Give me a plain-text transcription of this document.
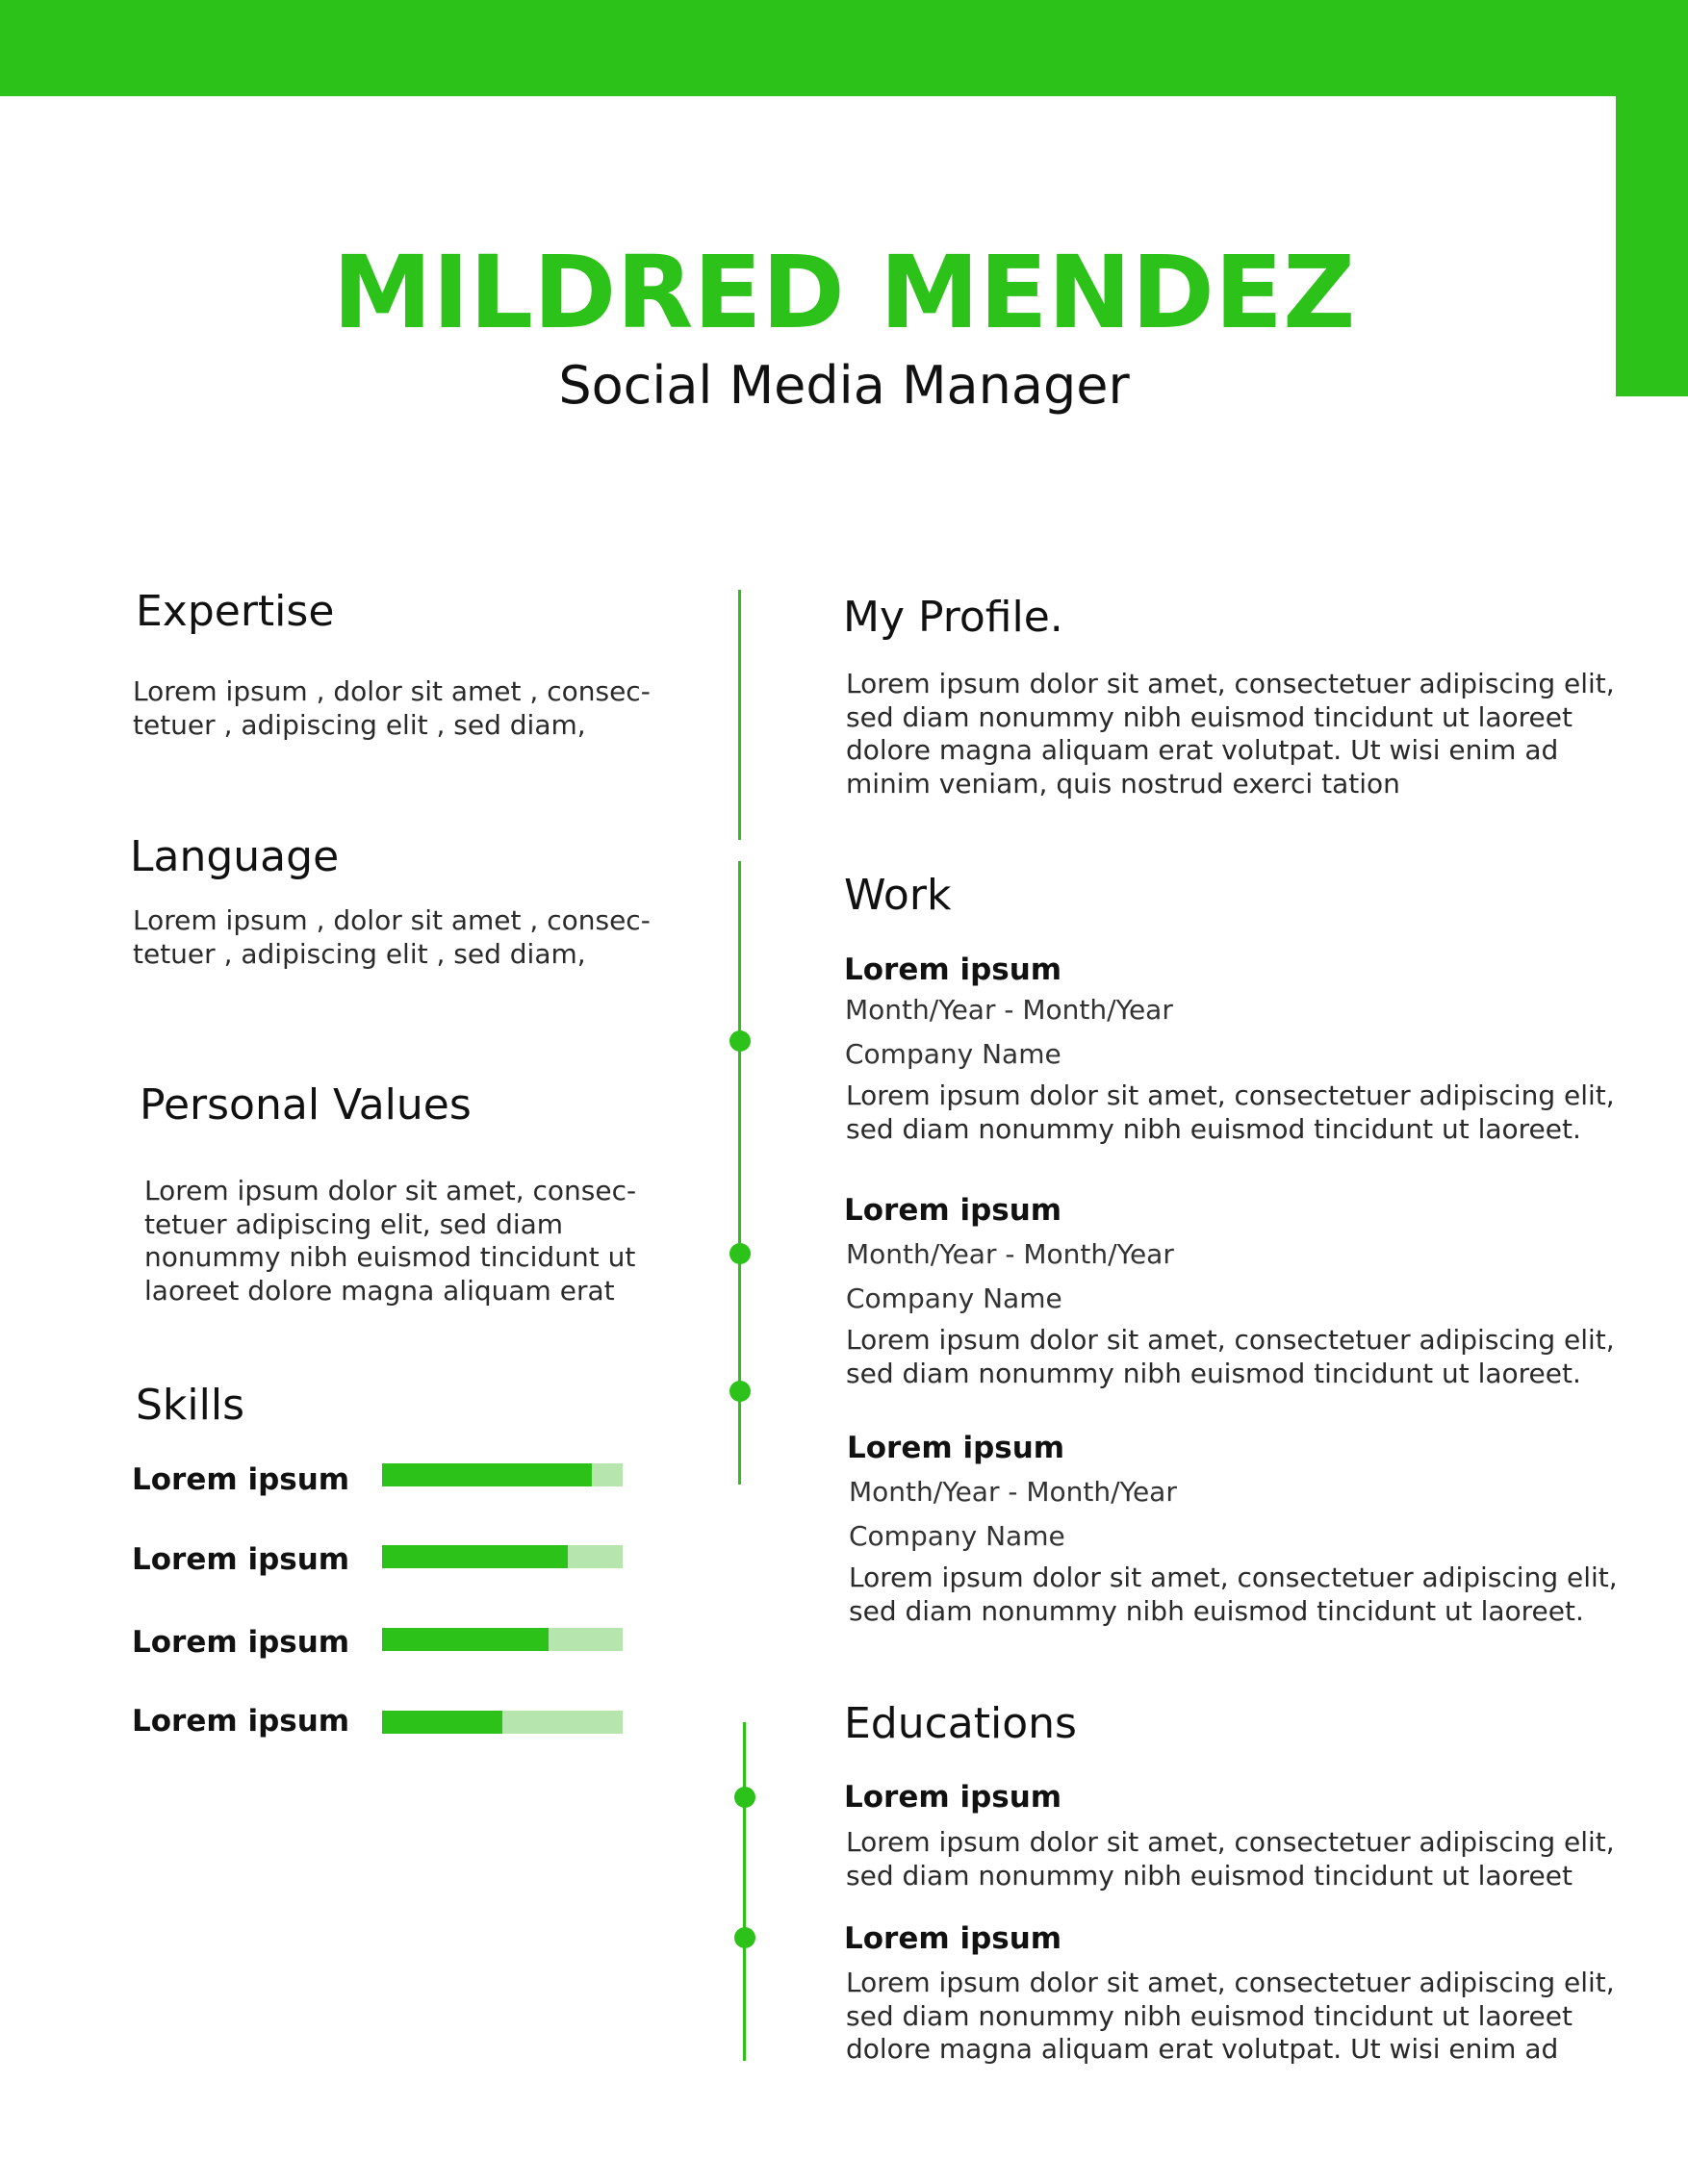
MILDRED MENDEZ
Social Media Manager
Expertise
Lorem ipsum , dolor sit amet , consec-
tetuer , adipiscing elit , sed diam,
Language
Lorem ipsum , dolor sit amet , consec-
tetuer , adipiscing elit , sed diam,
Personal Values
Lorem ipsum dolor sit amet, consec-
tetuer adipiscing elit, sed diam
nonummy nibh euismod tincidunt ut
laoreet dolore magna aliquam erat
Skills
Lorem ipsum
Lorem ipsum
Lorem ipsum
Lorem ipsum
My Profile.
Lorem ipsum dolor sit amet, consectetuer adipiscing elit,
sed diam nonummy nibh euismod tincidunt ut laoreet
dolore magna aliquam erat volutpat. Ut wisi enim ad
minim veniam, quis nostrud exerci tation
Work
Lorem ipsum
Month/Year - Month/Year
Company Name
Lorem ipsum dolor sit amet, consectetuer adipiscing elit,
sed diam nonummy nibh euismod tincidunt ut laoreet.
Lorem ipsum
Month/Year - Month/Year
Company Name
Lorem ipsum dolor sit amet, consectetuer adipiscing elit,
sed diam nonummy nibh euismod tincidunt ut laoreet.
Lorem ipsum
Month/Year - Month/Year
Company Name
Lorem ipsum dolor sit amet, consectetuer adipiscing elit,
sed diam nonummy nibh euismod tincidunt ut laoreet.
Educations
Lorem ipsum
Lorem ipsum dolor sit amet, consectetuer adipiscing elit,
sed diam nonummy nibh euismod tincidunt ut laoreet
Lorem ipsum
Lorem ipsum dolor sit amet, consectetuer adipiscing elit,
sed diam nonummy nibh euismod tincidunt ut laoreet
dolore magna aliquam erat volutpat. Ut wisi enim ad
